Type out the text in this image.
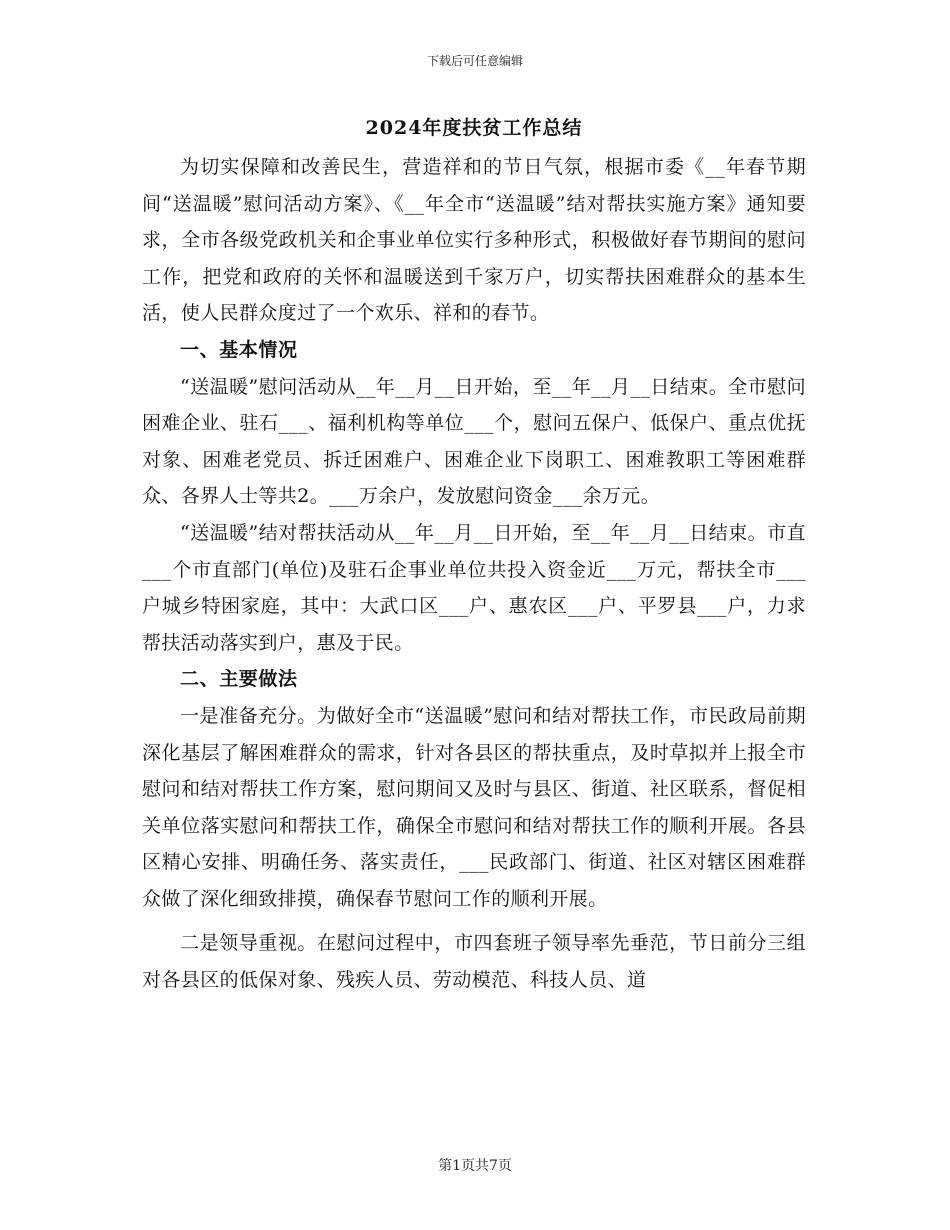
下载后可任意编辑
2024年度扶贫工作总结

为切实保障和改善民生，营造祥和的节日气氛，根据市委《__年春节期间“送温暖”慰问活动方案》、《__年全市“送温暖”结对帮扶实施方案》通知要求，全市各级党政机关和企事业单位实行多种形式，积极做好春节期间的慰问工作，把党和政府的关怀和温暖送到千家万户，切实帮扶困难群众的基本生活，使人民群众度过了一个欢乐、祥和的春节。

一、基本情况

“送温暖”慰问活动从__年__月__日开始，至__年__月__日结束。全市慰问困难企业、驻石___、福利机构等单位___个，慰问五保户、低保户、重点优抚对象、困难老党员、拆迁困难户、困难企业下岗职工、困难教职工等困难群众、各界人士等共2。___万余户，发放慰问资金___余万元。

“送温暖”结对帮扶活动从__年__月__日开始，至__年__月__日结束。市直___个市直部门(单位)及驻石企事业单位共投入资金近___万元，帮扶全市___户城乡特困家庭，其中：大武口区___户、惠农区___户、平罗县___户，力求帮扶活动落实到户，惠及于民。

二、主要做法

一是准备充分。为做好全市“送温暖”慰问和结对帮扶工作，市民政局前期深化基层了解困难群众的需求，针对各县区的帮扶重点，及时草拟并上报全市慰问和结对帮扶工作方案，慰问期间又及时与县区、街道、社区联系，督促相关单位落实慰问和帮扶工作，确保全市慰问和结对帮扶工作的顺利开展。各县区精心安排、明确任务、落实责任，___民政部门、街道、社区对辖区困难群众做了深化细致排摸，确保春节慰问工作的顺利开展。

二是领导重视。在慰问过程中，市四套班子领导率先垂范，节日前分三组对各县区的低保对象、残疾人员、劳动模范、科技人员、道

第1页共7页
